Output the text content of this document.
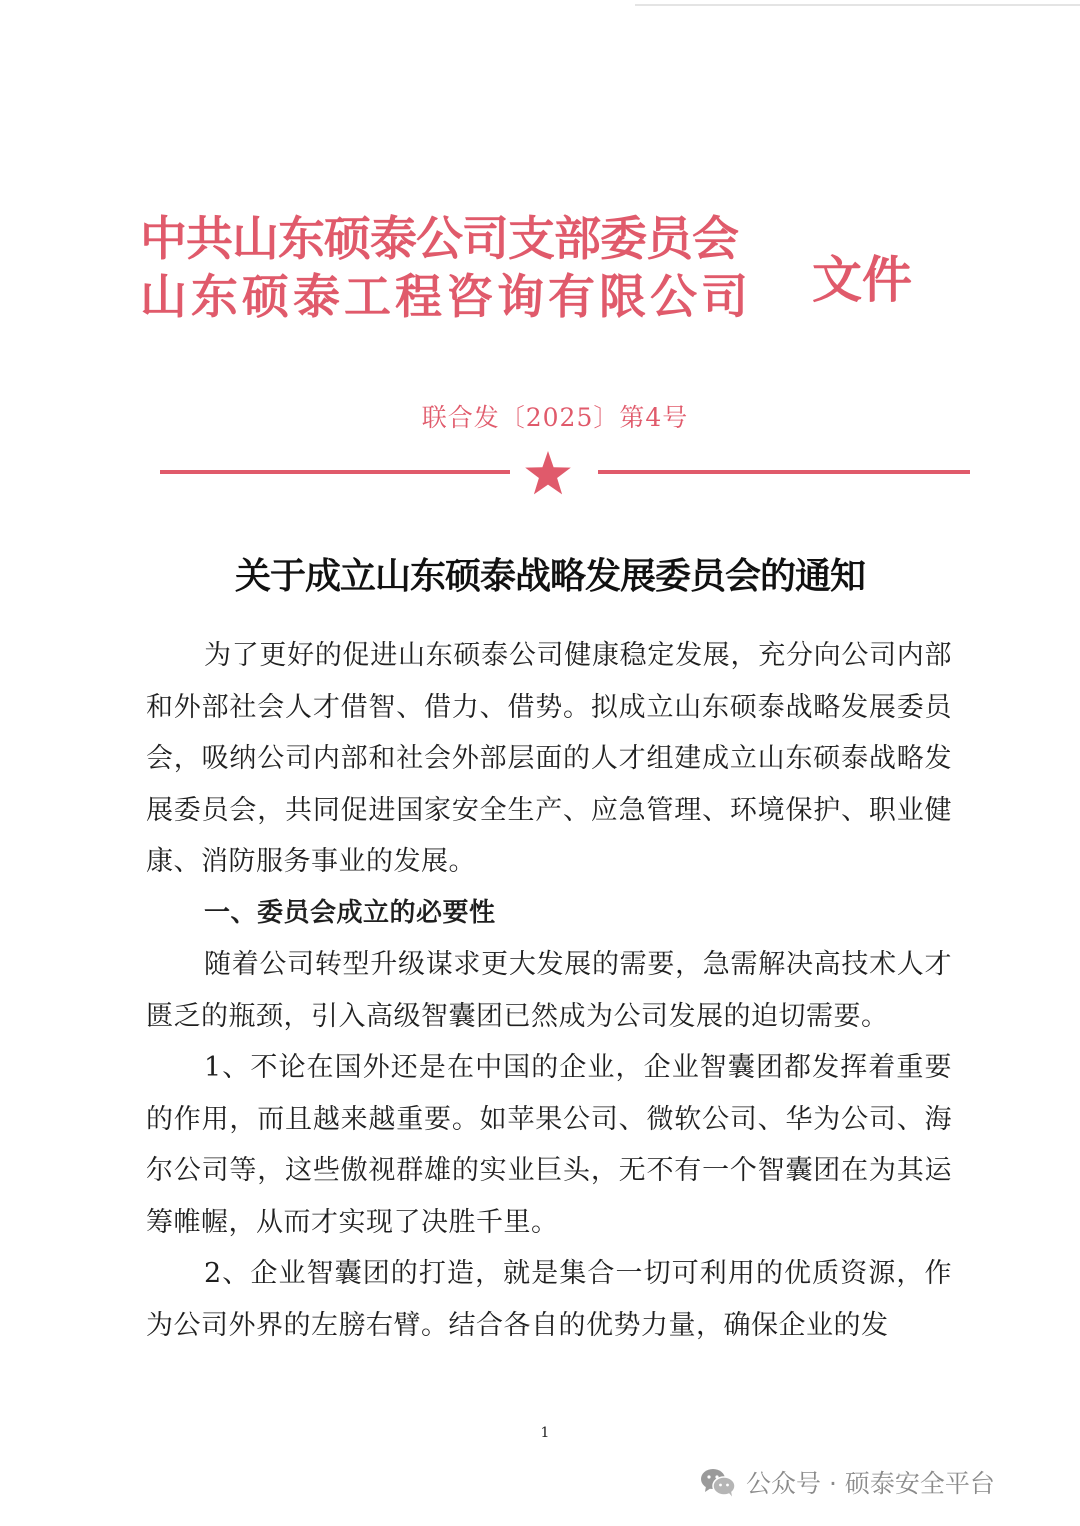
中共山东硕泰公司支部委员会
山东硕泰工程咨询有限公司 文件
联合发〔2025〕第4号
关于成立山东硕泰战略发展委员会的通知

为了更好的促进山东硕泰公司健康稳定发展，充分向公司内部和外部社会人才借智、借力、借势。拟成立山东硕泰战略发展委员会，吸纳公司内部和社会外部层面的人才组建成立山东硕泰战略发展委员会，共同促进国家安全生产、应急管理、环境保护、职业健康、消防服务事业的发展。

一、委员会成立的必要性

随着公司转型升级谋求更大发展的需要，急需解决高技术人才匮乏的瓶颈，引入高级智囊团已然成为公司发展的迫切需要。

1、不论在国外还是在中国的企业，企业智囊团都发挥着重要的作用，而且越来越重要。如苹果公司、微软公司、华为公司、海尔公司等，这些傲视群雄的实业巨头，无不有一个智囊团在为其运筹帷幄，从而才实现了决胜千里。

2、企业智囊团的打造，就是集合一切可利用的优质资源，作为公司外界的左膀右臂。结合各自的优势力量，确保企业的发

1
公众号 · 硕泰安全平台
